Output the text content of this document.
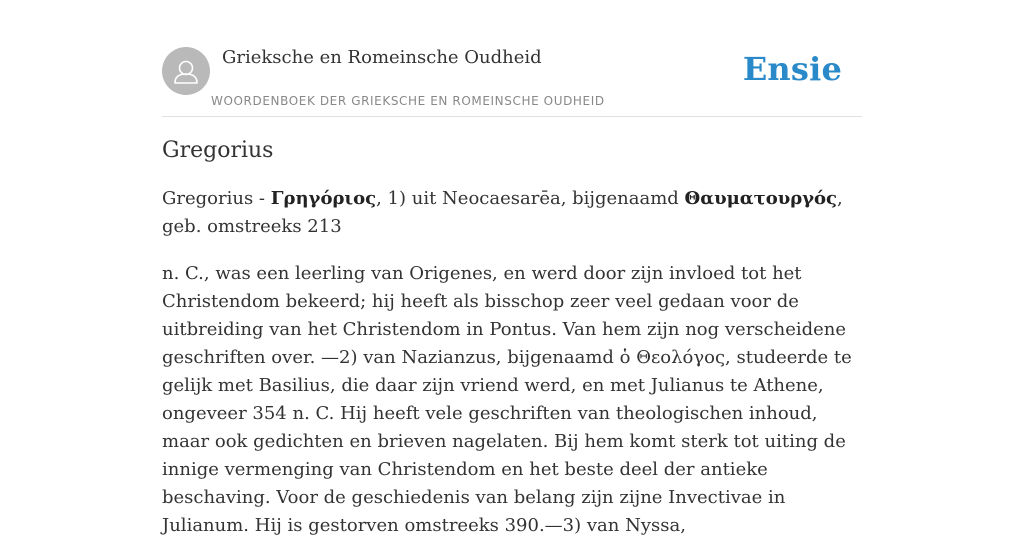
Grieksche en Romeinsche Oudheid
WOORDENBOEK DER GRIEKSCHE EN ROMEINSCHE OUDHEID
Ensie
Gregorius

Gregorius - Γρηγόριος, 1) uit Neocaesarēa, bijgenaamd Θαυματουργός, geb. omstreeks 213

n. C., was een leerling van Origenes, en werd door zijn invloed tot het Christendom bekeerd; hij heeft als bisschop zeer veel gedaan voor de uitbreiding van het Christendom in Pontus. Van hem zijn nog verscheidene geschriften over. —2) van Nazianzus, bijgenaamd ὁ Θεολόγος, studeerde te gelijk met Basilius, die daar zijn vriend werd, en met Julianus te Athene, ongeveer 354 n. C. Hij heeft vele geschriften van theologischen inhoud, maar ook gedichten en brieven nagelaten. Bij hem komt sterk tot uiting de innige vermenging van Christendom en het beste deel der antieke beschaving. Voor de geschiedenis van belang zijn zijne Invectivae in Julianum. Hij is gestorven omstreeks 390.—3) van Nyssa,
